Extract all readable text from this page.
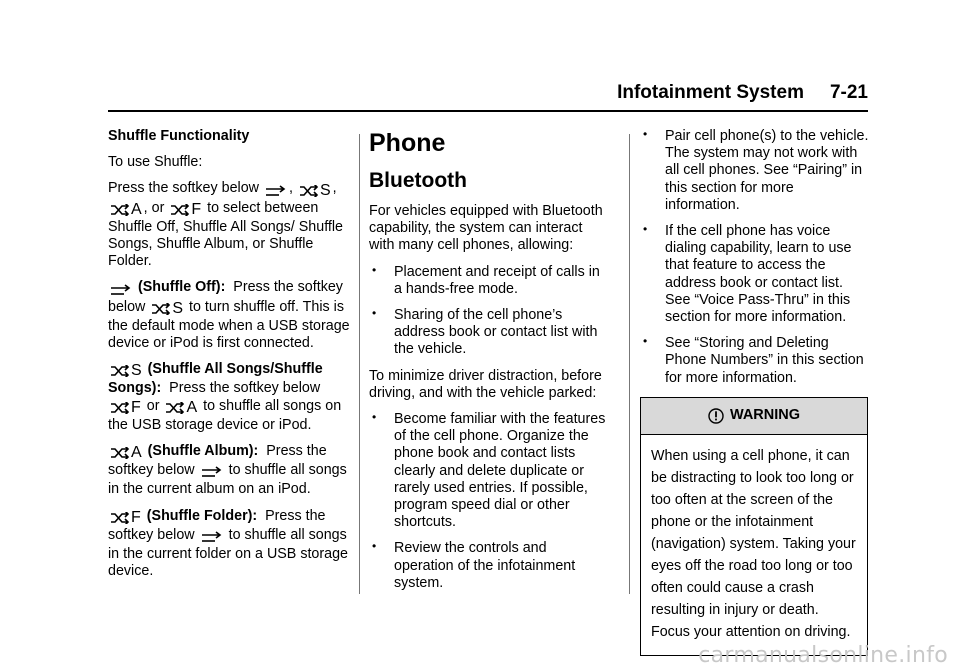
Infotainment System 7-21

Shuffle Functionality

To use Shuffle:

Press the softkey below , S , A , or F to select between Shuffle Off, Shuffle All Songs/ Shuffle Songs, Shuffle Album, or Shuffle Folder.

(Shuffle Off): Press the softkey below S to turn shuffle off. This is the default mode when a USB storage device or iPod is first connected.

S (Shuffle All Songs/Shuffle Songs): Press the softkey below F or A to shuffle all songs on the USB storage device or iPod.

A (Shuffle Album): Press the softkey below to shuffle all songs in the current album on an iPod.

F (Shuffle Folder): Press the softkey below to shuffle all songs in the current folder on a USB storage device.

Phone
Bluetooth

For vehicles equipped with Bluetooth capability, the system can interact with many cell phones, allowing:

• Placement and receipt of calls in a hands-free mode.
• Sharing of the cell phone’s address book or contact list with the vehicle.

To minimize driver distraction, before driving, and with the vehicle parked:

• Become familiar with the features of the cell phone. Organize the phone book and contact lists clearly and delete duplicate or rarely used entries. If possible, program speed dial or other shortcuts.
• Review the controls and operation of the infotainment system.
• Pair cell phone(s) to the vehicle. The system may not work with all cell phones. See “Pairing” in this section for more information.
• If the cell phone has voice dialing capability, learn to use that feature to access the address book or contact list. See “Voice Pass-Thru” in this section for more information.
• See “Storing and Deleting Phone Numbers” in this section for more information.
WARNING
When using a cell phone, it can be distracting to look too long or too often at the screen of the phone or the infotainment (navigation) system. Taking your eyes off the road too long or too often could cause a crash resulting in injury or death. Focus your attention on driving.
carmanualsonline.info
